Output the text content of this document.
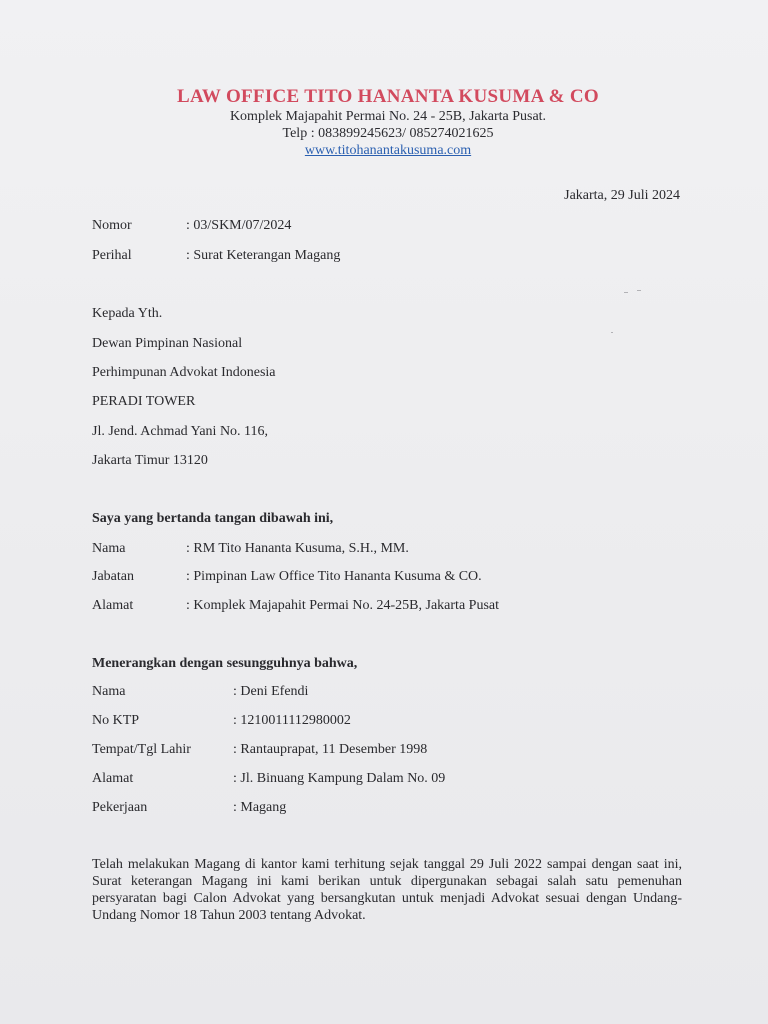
LAW OFFICE TITO HANANTA KUSUMA & CO
Komplek Majapahit Permai No. 24 - 25B, Jakarta Pusat.
Telp : 083899245623/ 085274021625
www.titohanantakusuma.com
Jakarta, 29 Juli 2024
Nomor	: 03/SKM/07/2024
Perihal	: Surat Keterangan Magang
Kepada Yth.
Dewan Pimpinan Nasional
Perhimpunan Advokat Indonesia
PERADI TOWER
Jl. Jend. Achmad Yani No. 116,
Jakarta Timur 13120
Saya yang bertanda tangan dibawah ini,
Nama	: RM Tito Hananta Kusuma, S.H., MM.
Jabatan	: Pimpinan Law Office Tito Hananta Kusuma & CO.
Alamat	: Komplek Majapahit Permai No. 24-25B, Jakarta Pusat
Menerangkan dengan sesungguhnya bahwa,
Nama	: Deni Efendi
No KTP	: 1210011112980002
Tempat/Tgl Lahir	: Rantauprapat, 11 Desember 1998
Alamat	: Jl. Binuang Kampung Dalam No. 09
Pekerjaan	: Magang
Telah melakukan Magang di kantor kami terhitung sejak tanggal 29 Juli 2022 sampai dengan saat ini, Surat keterangan Magang ini kami berikan untuk dipergunakan sebagai salah satu pemenuhan persyaratan bagi Calon Advokat yang bersangkutan untuk menjadi Advokat sesuai dengan Undang-Undang Nomor 18 Tahun 2003 tentang Advokat.
